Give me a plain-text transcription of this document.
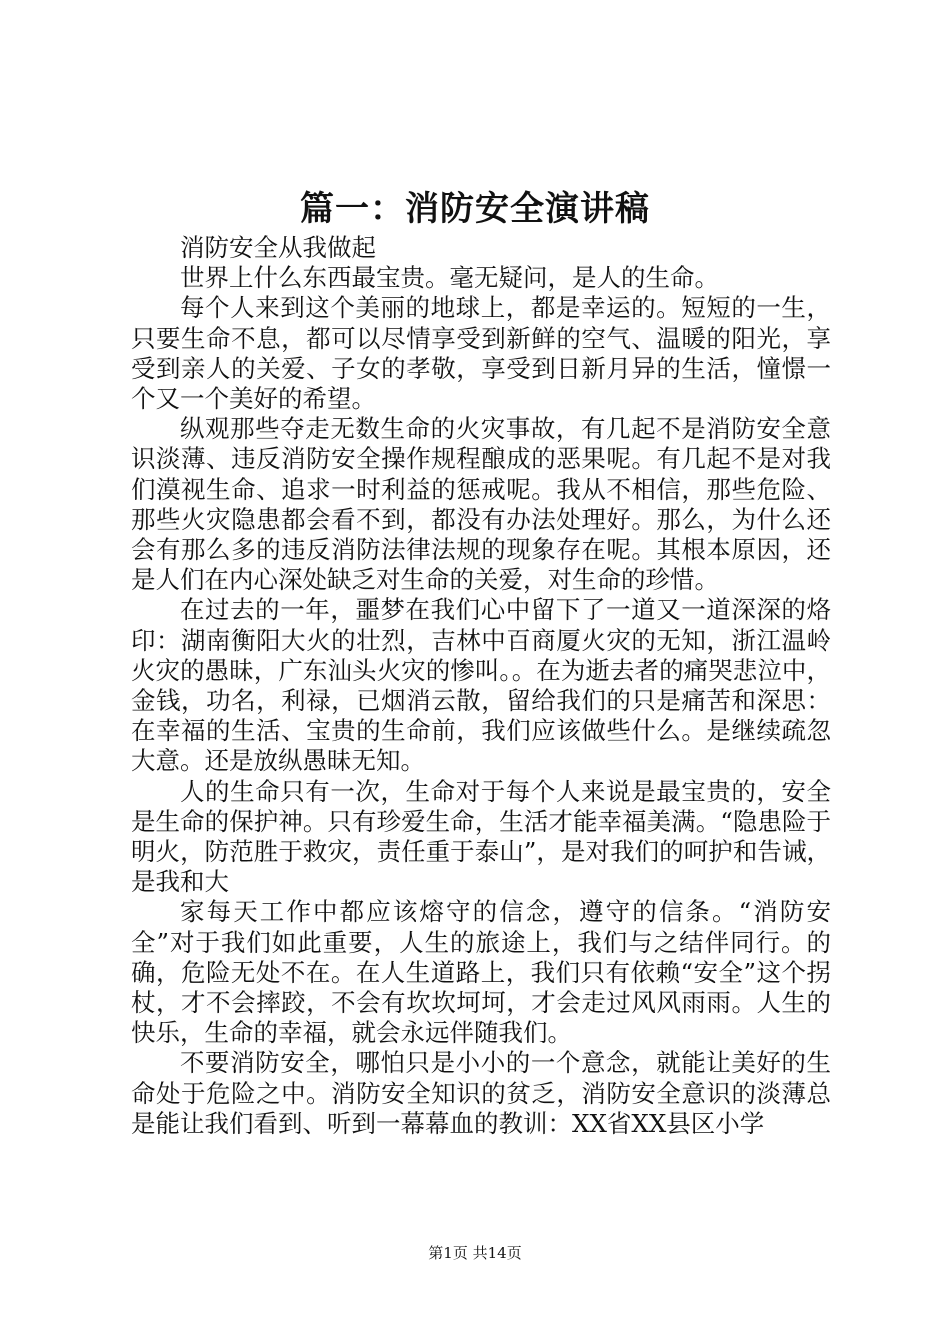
篇一：消防安全演讲稿

消防安全从我做起

世界上什么东西最宝贵。毫无疑问，是人的生命。

每个人来到这个美丽的地球上，都是幸运的。短短的一生，只要生命不息，都可以尽情享受到新鲜的空气、温暖的阳光，享受到亲人的关爱、子女的孝敬，享受到日新月异的生活，憧憬一个又一个美好的希望。

纵观那些夺走无数生命的火灾事故，有几起不是消防安全意识淡薄、违反消防安全操作规程酿成的恶果呢。有几起不是对我们漠视生命、追求一时利益的惩戒呢。我从不相信，那些危险、那些火灾隐患都会看不到，都没有办法处理好。那么，为什么还会有那么多的违反消防法律法规的现象存在呢。其根本原因，还是人们在内心深处缺乏对生命的关爱，对生命的珍惜。

在过去的一年，噩梦在我们心中留下了一道又一道深深的烙印：湖南衡阳大火的壮烈，吉林中百商厦火灾的无知，浙江温岭火灾的愚昧，广东汕头火灾的惨叫。。在为逝去者的痛哭悲泣中，金钱，功名，利禄，已烟消云散，留给我们的只是痛苦和深思：在幸福的生活、宝贵的生命前，我们应该做些什么。是继续疏忽大意。还是放纵愚昧无知。

人的生命只有一次，生命对于每个人来说是最宝贵的，安全是生命的保护神。只有珍爱生命，生活才能幸福美满。“隐患险于明火，防范胜于救灾，责任重于泰山”，是对我们的呵护和告诫，是我和大

家每天工作中都应该熔守的信念，遵守的信条。“消防安全”对于我们如此重要，人生的旅途上，我们与之结伴同行。的确，危险无处不在。在人生道路上，我们只有依赖“安全”这个拐杖，才不会摔跤，不会有坎坎坷坷，才会走过风风雨雨。人生的快乐，生命的幸福，就会永远伴随我们。

不要消防安全，哪怕只是小小的一个意念，就能让美好的生命处于危险之中。消防安全知识的贫乏，消防安全意识的淡薄总是能让我们看到、听到一幕幕血的教训：XX省XX县区小学

第1页 共14页
